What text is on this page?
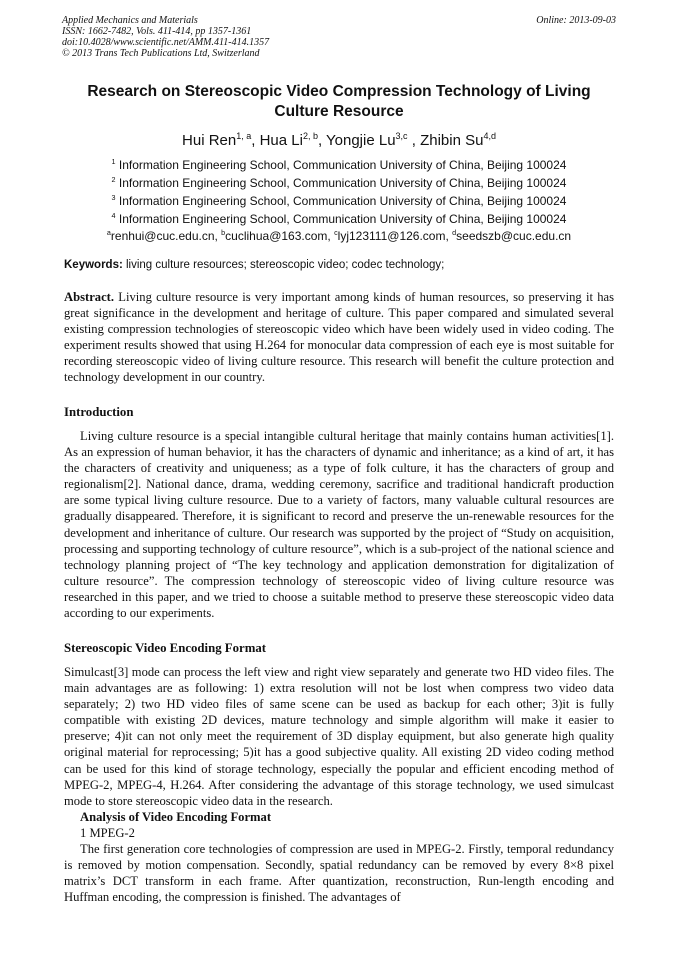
Applied Mechanics and Materials
ISSN: 1662-7482, Vols. 411-414, pp 1357-1361
doi:10.4028/www.scientific.net/AMM.411-414.1357
© 2013 Trans Tech Publications Ltd, Switzerland
Online: 2013-09-03
Research on Stereoscopic Video Compression Technology of Living Culture Resource
Hui Ren$^{1, a}$, Hua Li$^{2, b}$, Yongjie Lu$^{3,c}$ , Zhibin Su$^{4,d}$
$^1$ Information Engineering School, Communication University of China, Beijing 100024
$^2$ Information Engineering School, Communication University of China, Beijing 100024
$^3$ Information Engineering School, Communication University of China, Beijing 100024
$^4$ Information Engineering School, Communication University of China, Beijing 100024
$^a$renhui@cuc.edu.cn, $^b$cuclihua@163.com, $^c$lyj123111@126.com, $^d$seedszb@cuc.edu.cn
Keywords: living culture resources; stereoscopic video; codec technology;

Abstract. Living culture resource is very important among kinds of human resources, so preserving it has great significance in the development and heritage of culture. This paper compared and simulated several existing compression technologies of stereoscopic video which have been widely used in video coding. The experiment results showed that using H.264 for monocular data compression of each eye is most suitable for recording stereoscopic video of living culture resource. This research will benefit the culture protection and technology development in our country.

Introduction

Living culture resource is a special intangible cultural heritage that mainly contains human activities[1]. As an expression of human behavior, it has the characters of dynamic and inheritance; as a kind of art, it has the characters of creativity and uniqueness; as a type of folk culture, it has the characters of group and regionalism[2]. National dance, drama, wedding ceremony, sacrifice and traditional handicraft production are some typical living culture resource. Due to a variety of factors, many valuable cultural resources are gradually disappeared. Therefore, it is significant to record and preserve the un-renewable resources for the development and inheritance of culture. Our research was supported by the project of “Study on acquisition, processing and supporting technology of culture resource”, which is a sub-project of the national science and technology planning project of “The key technology and application demonstration for digitalization of culture resource”. The compression technology of stereoscopic video of living culture resource was researched in this paper, and we tried to choose a suitable method to preserve these stereoscopic video data according to our experiments.

Stereoscopic Video Encoding Format

Simulcast[3] mode can process the left view and right view separately and generate two HD video files. The main advantages are as following: 1) extra resolution will not be lost when compress two video data separately; 2) two HD video files of same scene can be used as backup for each other; 3)it is fully compatible with existing 2D devices, mature technology and simple algorithm will make it easier to preserve; 4)it can not only meet the requirement of 3D display equipment, but also generate high quality original material for reprocessing; 5)it has a good subjective quality. All existing 2D video coding method can be used for this kind of storage technology, especially the popular and efficient encoding method of MPEG-2, MPEG-4, H.264. After considering the advantage of this storage technology, we used simulcast mode to store stereoscopic video data in the research.

Analysis of Video Encoding Format

1 MPEG-2

The first generation core technologies of compression are used in MPEG-2. Firstly, temporal redundancy is removed by motion compensation. Secondly, spatial redundancy can be removed by every 8×8 pixel matrix’s DCT transform in each frame. After quantization, reconstruction, Run-length encoding and Huffman encoding, the compression is finished. The advantages of
